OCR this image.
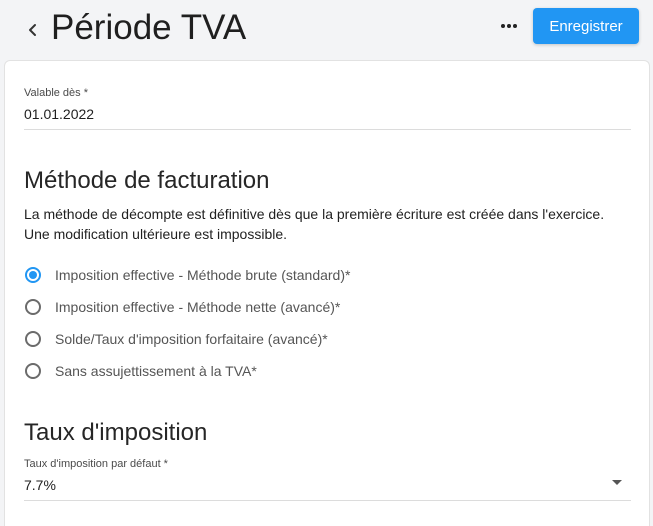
Période TVA	Enregistrer
Valable dès *
01.01.2022
Méthode de facturation
La méthode de décompte est définitive dès que la première écriture est créée dans l'exercice. Une modification ultérieure est impossible.
Imposition effective - Méthode brute (standard)*
Imposition effective - Méthode nette (avancé)*
Solde/Taux d'imposition forfaitaire (avancé)*
Sans assujettissement à la TVA*
Taux d'imposition
Taux d'imposition par défaut *
7.7%
